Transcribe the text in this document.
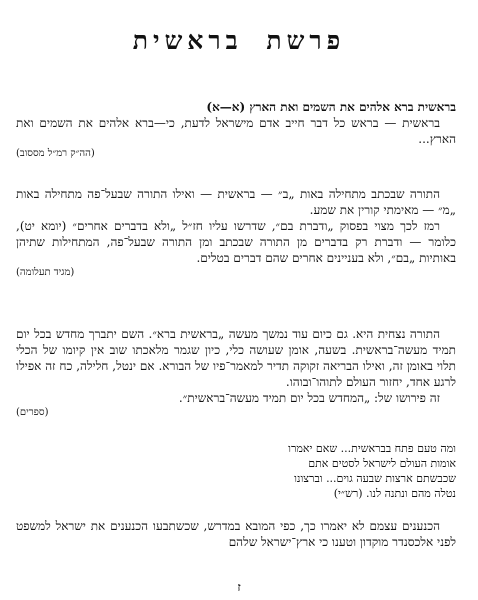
פרשת בראשית

בראשית ברא אלהים את השמים ואת הארץ (א—א)

בראשית — בראש כל דבר חייב אדם מישראל לדעת, כי—ברא אלהים את השמים ואת הארץ...

(הה״ק רמ״ל מססוב)

התורה שבכתב מתחילה באות „ב״ — בראשית — ואילו התורה שבעל־פה מתחילה באות „מ״ — מאימתי קורין את שמע.

רמז לכך מצוי בפסוק „ודברת בם״, שדרשו עליו חז״ל „ולא בדברים אחרים״ (יומא יט), כלומר — ודברת רק בדברים מן התורה שבכתב ומן התורה שבעל־פה, המתחילות שתיהן באותיות „בם״, ולא בעניינים אחרים שהם דברים בטלים.

(מגיד תעלומה)

התורה נצחית היא. גם כיום עוד נמשך מעשה „בראשית ברא״. השם יתברך מחדש בכל יום תמיד מעשה־בראשית. בשעה, אומן שעושה כלי, כיון שגמר מלאכתו שוב אין קיומו של הכלי תלוי באומן זה, ואילו הבריאה זקוקה תדיר למאמר־פיו של הבורא. אם ינטל, חלילה, כח זה אפילו לרגע אחד, יחזור העולם לתוהו־ובוהו.

זה פירושו של: „המחדש בכל יום תמיד מעשה־בראשית״.

(ספרים)

ומה טעם פתח בבראשית... שאם יאמרו

אומות העולם לישראל לסטים אתם

שכבשתם ארצות שבעה גוים... וברצונו

נטלה מהם ונתנה לנו. (רש״י)

הכנענים עצמם לא יאמרו כך, כפי המובא במדרש, שכשתבעו הכנענים את ישראל למשפט לפני אלכסנדר מוקדון וטענו כי ארץ־ישראל שלהם

ז
